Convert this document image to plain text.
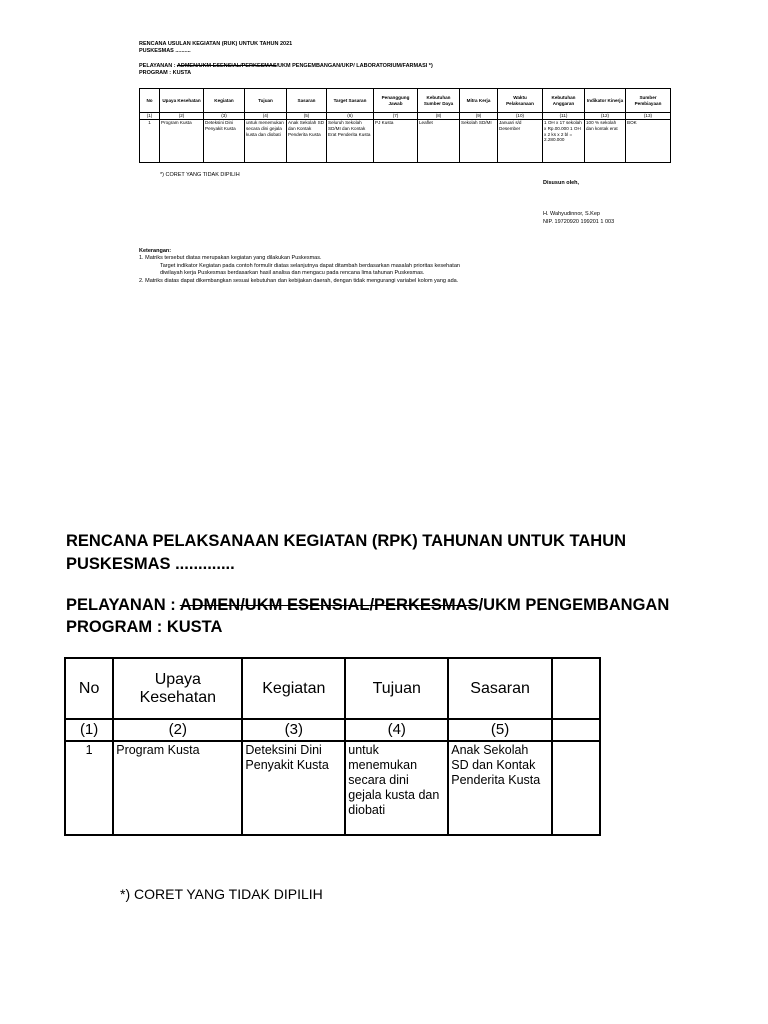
RENCANA USULAN KEGIATAN (RUK) UNTUK TAHUN 2021
PUSKESMAS ..........
PELAYANAN : ADMEN/UKM ESENSIAL/PERKESMAS/UKM PENGEMBANGAN/UKP/ LABORATORIUM/FARMASI *)
PROGRAM : KUSTA
No	Upaya Kesehatan	Kegiatan	Tujuan	Sasaran	Target Sasaran	Penanggung Jawab	Kebutuhan Sumber Daya	Mitra Kerja	Waktu Pelaksanaan	Kebutuhan Anggaran	Indikator Kinerja	Sumber Pembiayaan
(1)	(2)	(3)	(4)	(5)	(6)	(7)	(8)	(9)	(10)	(11)	(12)	(13)
1	Program Kusta	Deteksini Dini Penyakit Kusta	untuk menemukan secara dini gejala kusta dan diobati	Anak Sekolah SD dan Kontak Penderita Kusta	Seluruh Sekolah SD/MI dan Kontak Erat Penderita Kusta	PJ Kusta	Leaflet	Sekolah SD/MI	Januari s/d Desember	1 OH x 17 sekolah x Rp.00.000 1 OH x 2 ks x 2 bl = 2.280.000	100 % sekolah dan kontak erat	BOK
*) CORET YANG TIDAK DIPILIH
Disusun oleh,
H. Wahyudinnor, S.Kep
NIP. 19720920 199201 1 003
Keterangan:
1. Matriks tersebut diatas merupakan kegiatan yang dilakukan Puskesmas.
Target indikator Kegiatan pada contoh formulir diatas selanjutnya dapat ditambah berdasarkan masalah prioritas kesehatan
diwilayah kerja Puskesmas berdasarkan hasil analisa dan mengacu pada rencana lima tahunan Puskesmas.
2. Matriks diatas dapat dikembangkan sesuai kebutuhan dan kebijakan daerah, dengan tidak mengurangi variabel kolom yang ada.
RENCANA PELAKSANAAN KEGIATAN (RPK) TAHUNAN UNTUK TAHUN
PUSKESMAS .............
PELAYANAN : ADMEN/UKM ESENSIAL/PERKESMAS/UKM PENGEMBANGAN
PROGRAM : KUSTA
No	Upaya Kesehatan	Kegiatan	Tujuan	Sasaran	
(1)	(2)	(3)	(4)	(5)	
1	Program Kusta	Deteksini Dini Penyakit Kusta	untuk menemukan secara dini gejala kusta dan diobati	Anak Sekolah SD dan Kontak Penderita Kusta	
*) CORET YANG TIDAK DIPILIH
